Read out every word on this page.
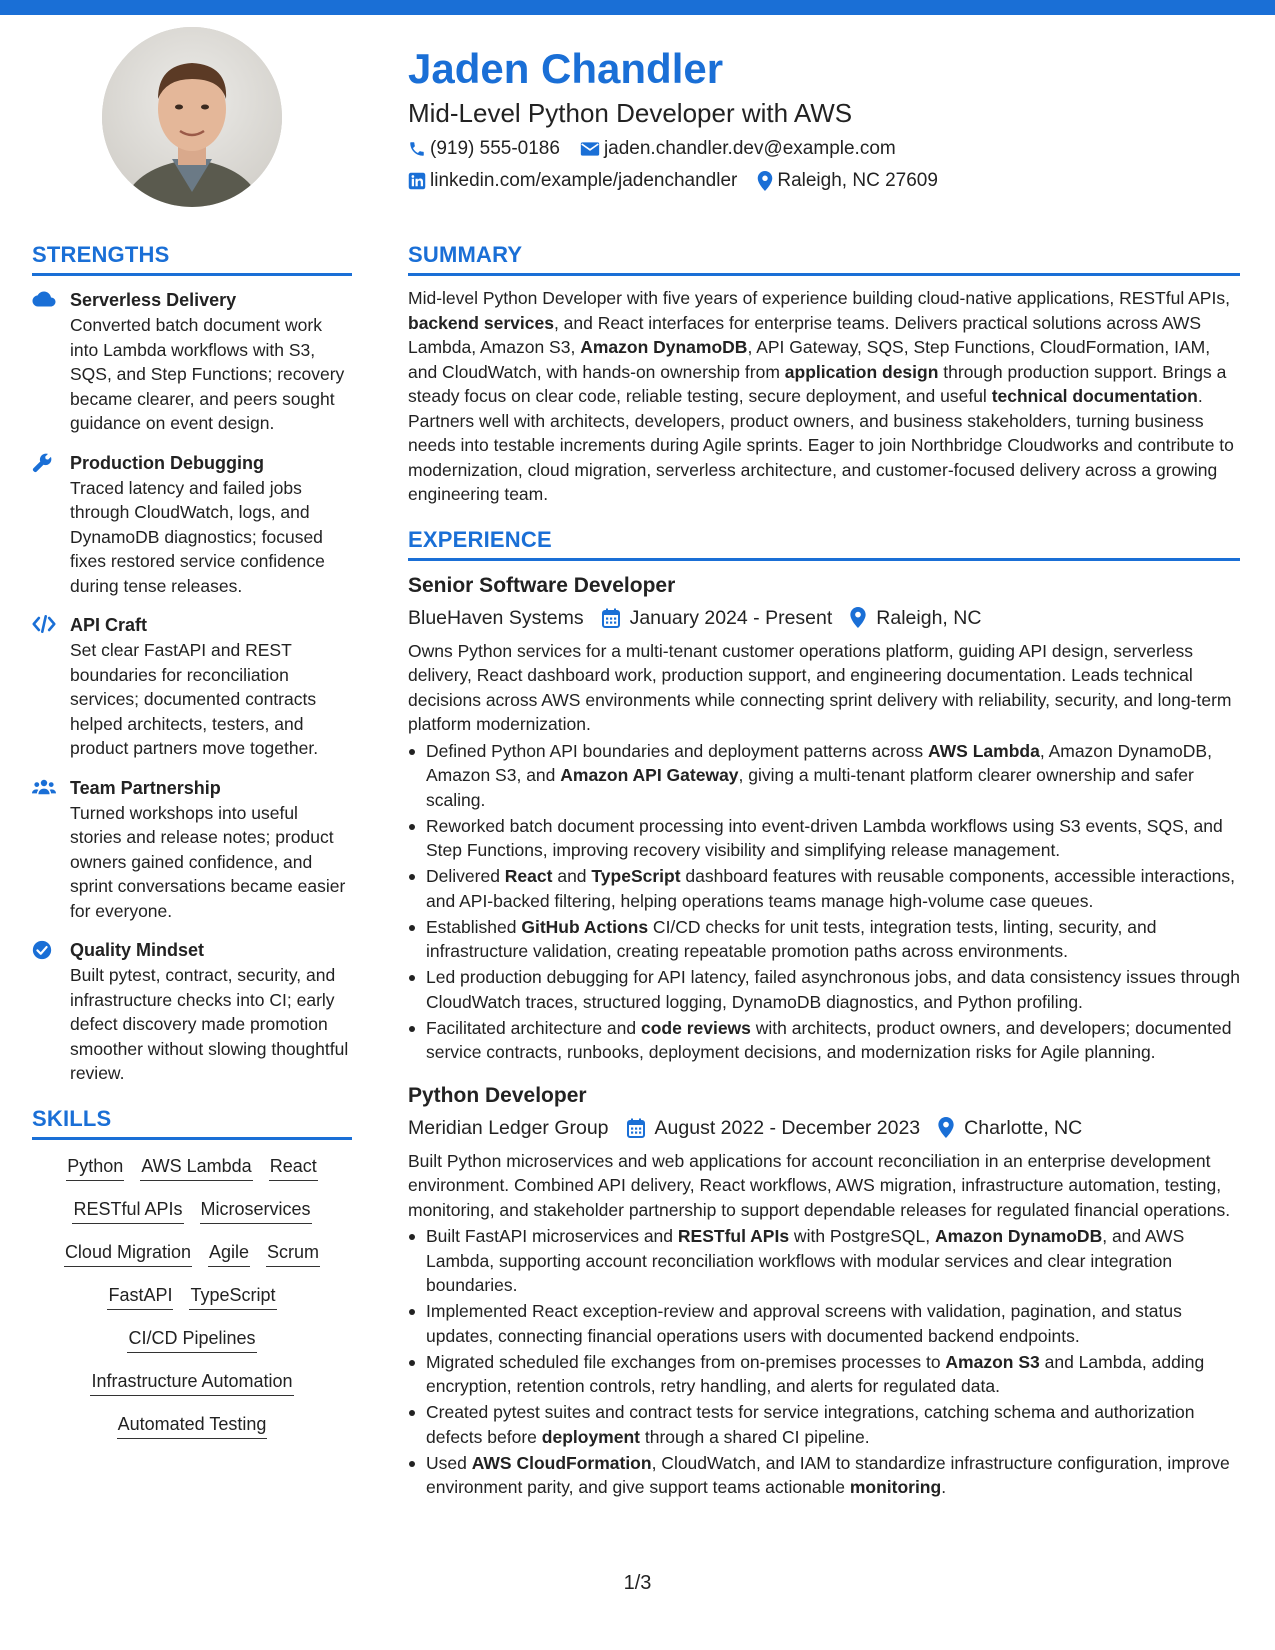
Jaden Chandler
Mid-Level Python Developer with AWS
(919) 555-0186 jaden.chandler.dev@example.com
linkedin.com/example/jadenchandler Raleigh, NC 27609
STRENGTHS
Serverless Delivery
Converted batch document work into Lambda workflows with S3, SQS, and Step Functions; recovery became clearer, and peers sought guidance on event design.
Production Debugging
Traced latency and failed jobs through CloudWatch, logs, and DynamoDB diagnostics; focused fixes restored service confidence during tense releases.
API Craft
Set clear FastAPI and REST boundaries for reconciliation services; documented contracts helped architects, testers, and product partners move together.
Team Partnership
Turned workshops into useful stories and release notes; product owners gained confidence, and sprint conversations became easier for everyone.
Quality Mindset
Built pytest, contract, security, and infrastructure checks into CI; early defect discovery made promotion smoother without slowing thoughtful review.
SKILLS
Python AWS Lambda React
RESTful APIs Microservices
Cloud Migration Agile Scrum
FastAPI TypeScript
CI/CD Pipelines
Infrastructure Automation
Automated Testing
SUMMARY
Mid-level Python Developer with five years of experience building cloud-native applications, RESTful APIs, backend services, and React interfaces for enterprise teams. Delivers practical solutions across AWS Lambda, Amazon S3, Amazon DynamoDB, API Gateway, SQS, Step Functions, CloudFormation, IAM, and CloudWatch, with hands-on ownership from application design through production support. Brings a steady focus on clear code, reliable testing, secure deployment, and useful technical documentation. Partners well with architects, developers, product owners, and business stakeholders, turning business needs into testable increments during Agile sprints. Eager to join Northbridge Cloudworks and contribute to modernization, cloud migration, serverless architecture, and customer-focused delivery across a growing engineering team.
EXPERIENCE
Senior Software Developer
BlueHaven Systems January 2024 - Present Raleigh, NC
Owns Python services for a multi-tenant customer operations platform, guiding API design, serverless delivery, React dashboard work, production support, and engineering documentation. Leads technical decisions across AWS environments while connecting sprint delivery with reliability, security, and long-term platform modernization.
Defined Python API boundaries and deployment patterns across AWS Lambda, Amazon DynamoDB, Amazon S3, and Amazon API Gateway, giving a multi-tenant platform clearer ownership and safer scaling.
Reworked batch document processing into event-driven Lambda workflows using S3 events, SQS, and Step Functions, improving recovery visibility and simplifying release management.
Delivered React and TypeScript dashboard features with reusable components, accessible interactions, and API-backed filtering, helping operations teams manage high-volume case queues.
Established GitHub Actions CI/CD checks for unit tests, integration tests, linting, security, and infrastructure validation, creating repeatable promotion paths across environments.
Led production debugging for API latency, failed asynchronous jobs, and data consistency issues through CloudWatch traces, structured logging, DynamoDB diagnostics, and Python profiling.
Facilitated architecture and code reviews with architects, product owners, and developers; documented service contracts, runbooks, deployment decisions, and modernization risks for Agile planning.
Python Developer
Meridian Ledger Group August 2022 - December 2023 Charlotte, NC
Built Python microservices and web applications for account reconciliation in an enterprise development environment. Combined API delivery, React workflows, AWS migration, infrastructure automation, testing, monitoring, and stakeholder partnership to support dependable releases for regulated financial operations.
Built FastAPI microservices and RESTful APIs with PostgreSQL, Amazon DynamoDB, and AWS Lambda, supporting account reconciliation workflows with modular services and clear integration boundaries.
Implemented React exception-review and approval screens with validation, pagination, and status updates, connecting financial operations users with documented backend endpoints.
Migrated scheduled file exchanges from on-premises processes to Amazon S3 and Lambda, adding encryption, retention controls, retry handling, and alerts for regulated data.
Created pytest suites and contract tests for service integrations, catching schema and authorization defects before deployment through a shared CI pipeline.
Used AWS CloudFormation, CloudWatch, and IAM to standardize infrastructure configuration, improve environment parity, and give support teams actionable monitoring.
1/3
